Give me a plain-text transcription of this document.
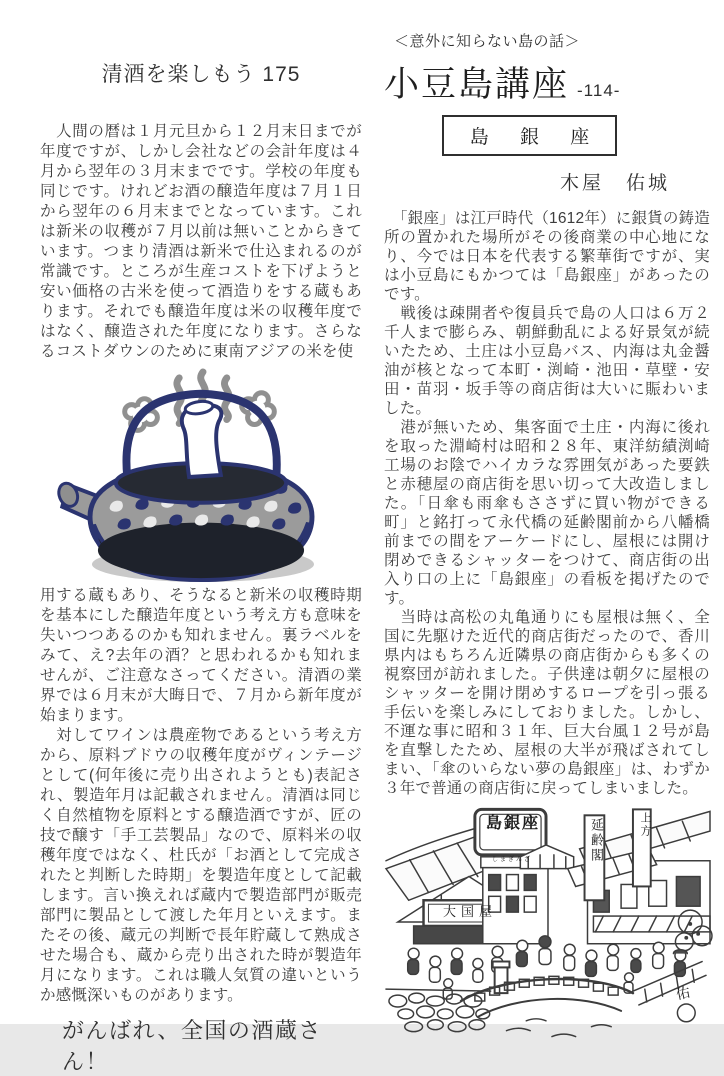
清酒を楽しもう 175

　人間の暦は１月元旦から１２月末日までが年度ですが、しかし会社などの会計年度は４月から翌年の３月末までです。学校の年度も同じです。けれどお酒の醸造年度は７月１日から翌年の６月末までとなっています。これは新米の収穫が７月以前は無いことからきています。つまり清酒は新米で仕込まれるのが常識です。ところが生産コストを下げようと安い価格の古米を使って酒造りをする蔵もあります。それでも醸造年度は米の収穫年度ではなく、醸造された年度になります。さらなるコストダウンのために東南アジアの米を使

用する蔵もあり、そうなると新米の収穫時期を基本にした醸造年度という考え方も意味を失いつつあるのかも知れません。裏ラベルをみて、え?去年の酒？と思われるかも知れませんが、ご注意なさってください。清酒の業界では６月末が大晦日で、７月から新年度が始まります。

　対してワインは農産物であるという考え方から、原料ブドウの収穫年度がヴィンテージとして(何年後に売り出されようとも)表記され、製造年月は記載されません。清酒は同じく自然植物を原料とする醸造酒ですが、匠の技で醸す「手工芸製品」なので、原料米の収穫年度ではなく、杜氏が「お酒として完成されたと判断した時期」を製造年度として記載します。言い換えれば蔵内で製造部門が販売部門に製品として渡した年月といえます。またその後、蔵元の判断で長年貯蔵して熟成させた場合も、蔵から売り出された時が製造年月になります。これは職人気質の違いというか感慨深いものがあります。

がんばれ、全国の酒蔵さん！
＜意外に知らない島の話＞
小豆島講座 -114-
島 銀 座
木屋　佑城

　「銀座」は江戸時代（1612年）に銀貨の鋳造所の置かれた場所がその後商業の中心地になり、今では日本を代表する繁華街ですが、実は小豆島にもかつては「島銀座」があったのです。

　戦後は疎開者や復員兵で島の人口は６万２千人まで膨らみ、朝鮮動乱による好景気が続いたため、土庄は小豆島バス、内海は丸金醤油が核となって本町・渕崎・池田・草壁・安田・苗羽・坂手等の商店街は大いに賑わいました。

　港が無いため、集客面で土庄・内海に後れを取った淵崎村は昭和２８年、東洋紡績渕崎工場のお陰でハイカラな雰囲気があった要鉄と赤穂屋の商店街を思い切って大改造しました。「日傘も雨傘もささずに買い物ができる町」と銘打って永代橋の延齢閣前から八幡橋前までの間をアーケードにし、屋根には開け閉めできるシャッターをつけて、商店街の出入り口の上に「島銀座」の看板を掲げたのです。

　当時は高松の丸亀通りにも屋根は無く、全国に先駆けた近代的商店街だったので、香川県内はもちろん近隣県の商店街からも多くの視察団が訪れました。子供達は朝夕に屋根のシャッターを開け閉めするロープを引っ張る手伝いを楽しみにしておりました。しかし、不運な事に昭和３１年、巨大台風１２号が島を直撃したため、屋根の大半が飛ばされてしまい、「傘のいらない夢の島銀座」は、わずか３年で普通の商店街に戻ってしまいました。

島銀座
しまぎんざ
大国屋
延齢閣	上方
佑
